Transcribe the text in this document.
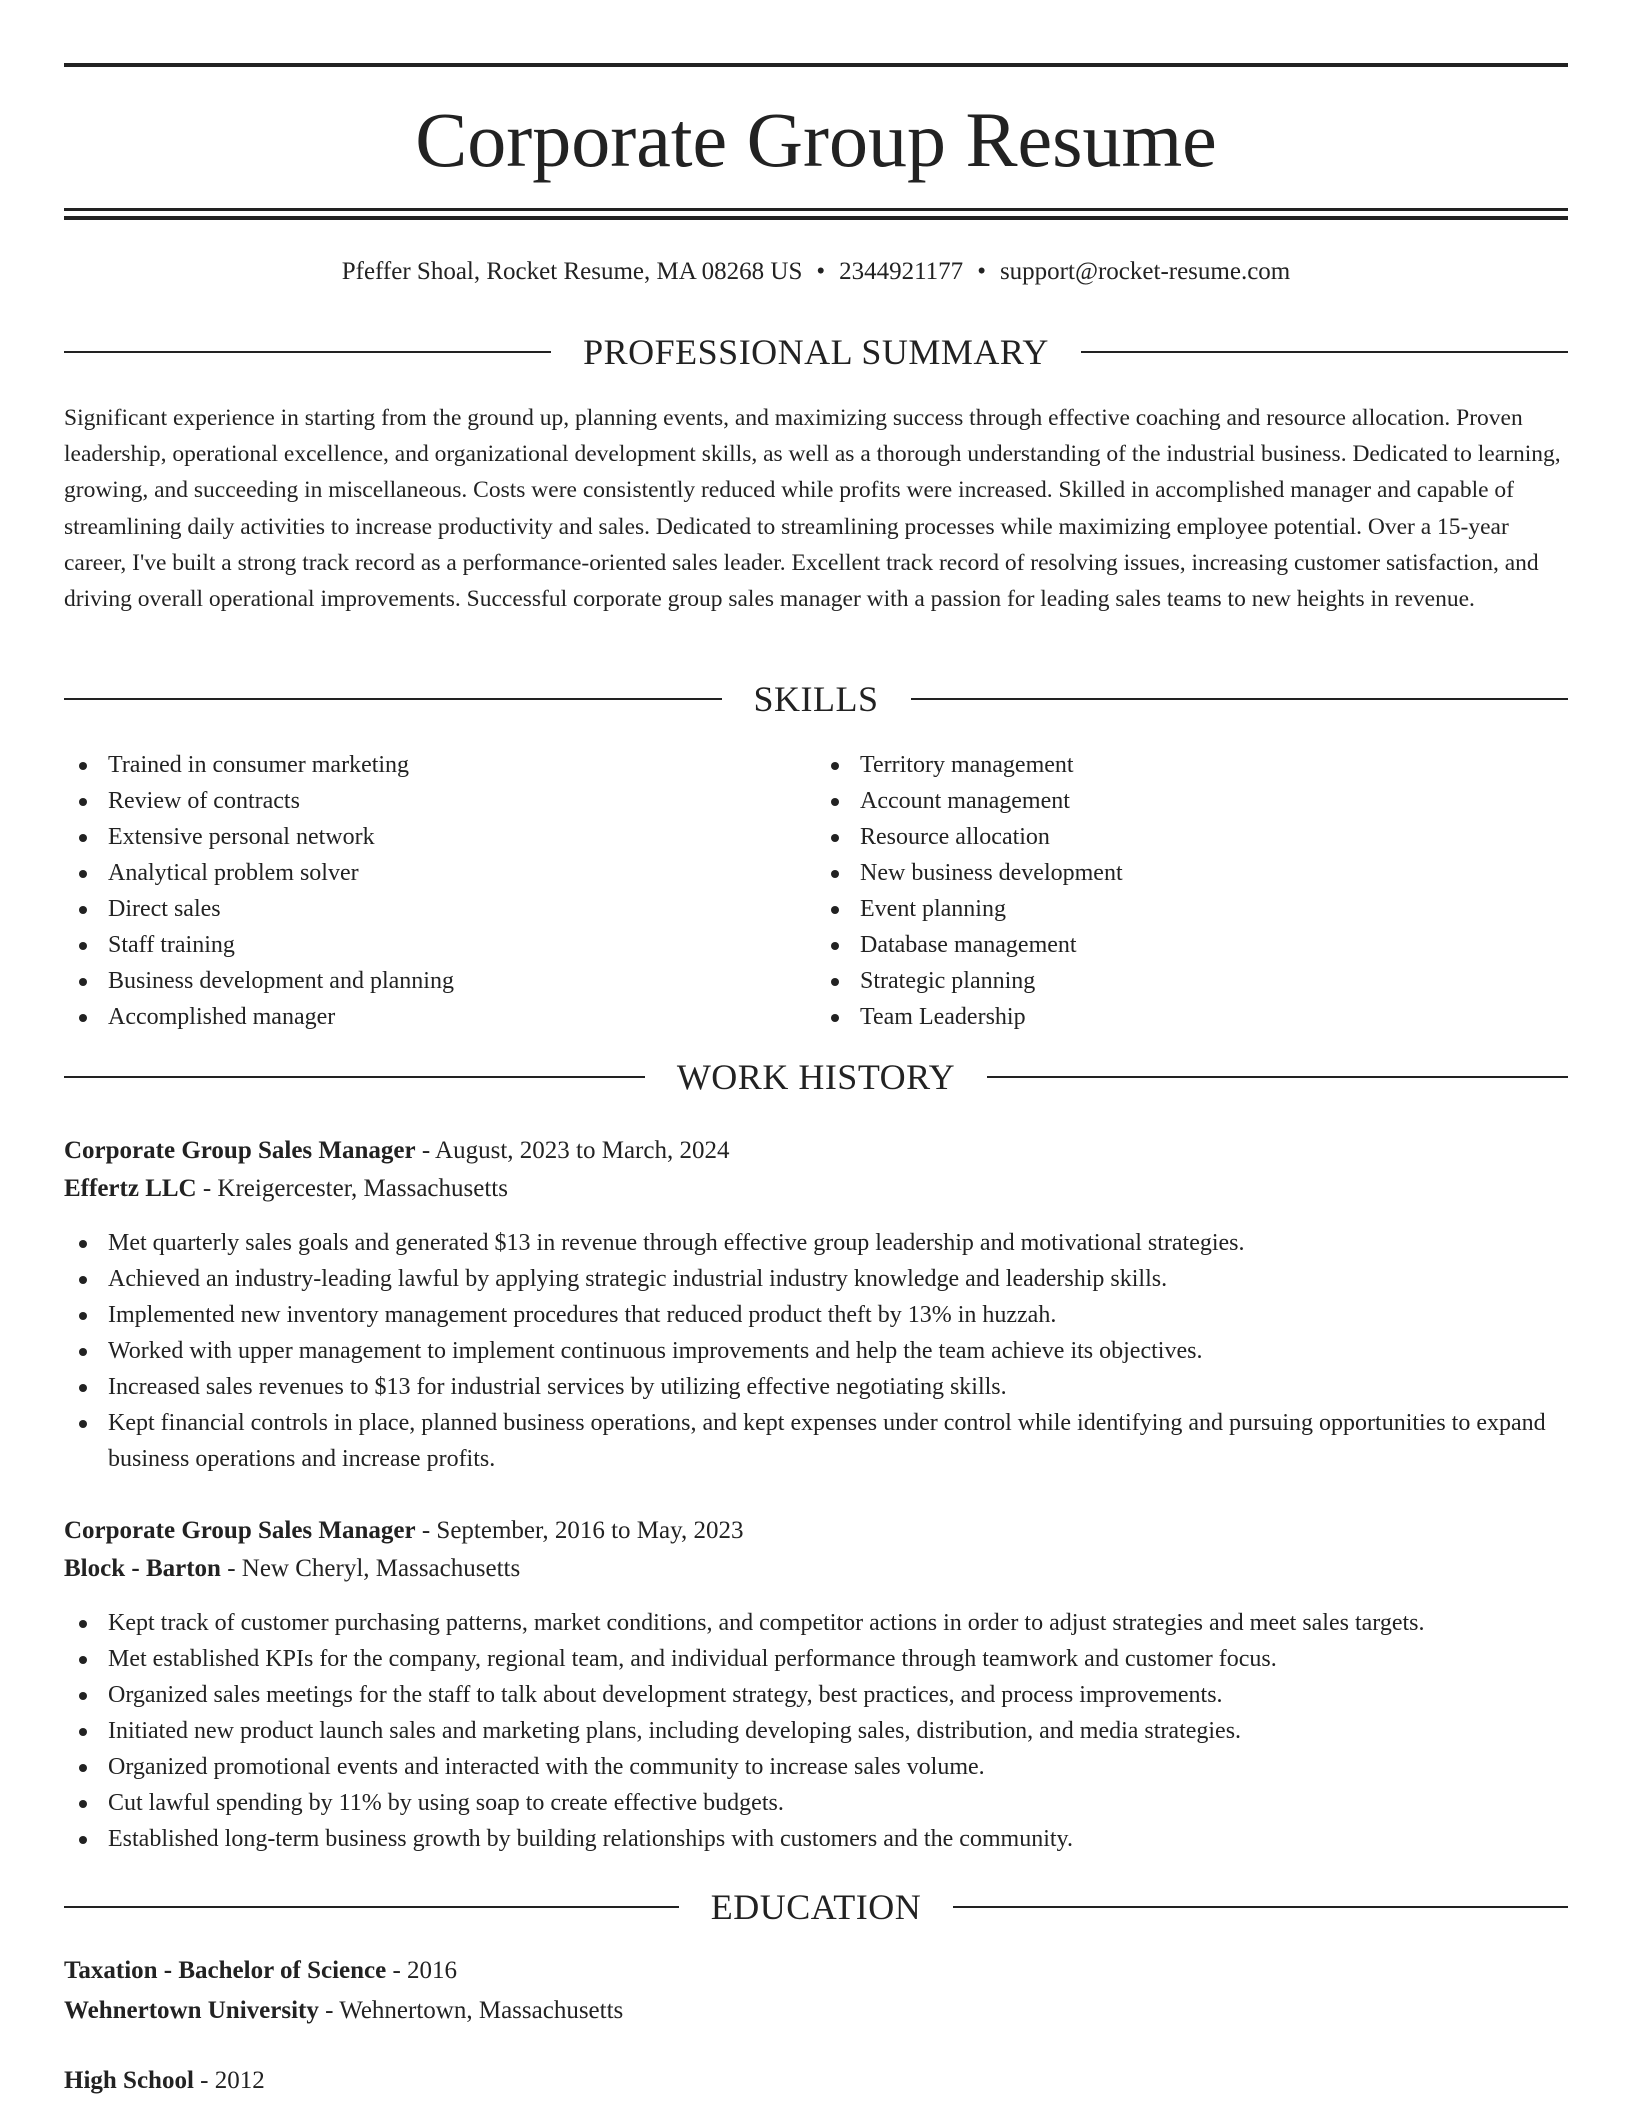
Corporate Group Resume
Pfeffer Shoal, Rocket Resume, MA 08268 US • 2344921177 • support@rocket-resume.com
PROFESSIONAL SUMMARY

Significant experience in starting from the ground up, planning events, and maximizing success through effective coaching and resource allocation. Proven leadership, operational excellence, and organizational development skills, as well as a thorough understanding of the industrial business. Dedicated to learning, growing, and succeeding in miscellaneous. Costs were consistently reduced while profits were increased. Skilled in accomplished manager and capable of streamlining daily activities to increase productivity and sales. Dedicated to streamlining processes while maximizing employee potential. Over a 15-year career, I've built a strong track record as a performance-oriented sales leader. Excellent track record of resolving issues, increasing customer satisfaction, and driving overall operational improvements. Successful corporate group sales manager with a passion for leading sales teams to new heights in revenue.

SKILLS
Trained in consumer marketing
Review of contracts
Extensive personal network
Analytical problem solver
Direct sales
Staff training
Business development and planning
Accomplished manager
Territory management
Account management
Resource allocation
New business development
Event planning
Database management
Strategic planning
Team Leadership
WORK HISTORY
Corporate Group Sales Manager - August, 2023 to March, 2024
Effertz LLC - Kreigercester, Massachusetts
Met quarterly sales goals and generated $13 in revenue through effective group leadership and motivational strategies.
Achieved an industry-leading lawful by applying strategic industrial industry knowledge and leadership skills.
Implemented new inventory management procedures that reduced product theft by 13% in huzzah.
Worked with upper management to implement continuous improvements and help the team achieve its objectives.
Increased sales revenues to $13 for industrial services by utilizing effective negotiating skills.
Kept financial controls in place, planned business operations, and kept expenses under control while identifying and pursuing opportunities to expand business operations and increase profits.
Corporate Group Sales Manager - September, 2016 to May, 2023
Block - Barton - New Cheryl, Massachusetts
Kept track of customer purchasing patterns, market conditions, and competitor actions in order to adjust strategies and meet sales targets.
Met established KPIs for the company, regional team, and individual performance through teamwork and customer focus.
Organized sales meetings for the staff to talk about development strategy, best practices, and process improvements.
Initiated new product launch sales and marketing plans, including developing sales, distribution, and media strategies.
Organized promotional events and interacted with the community to increase sales volume.
Cut lawful spending by 11% by using soap to create effective budgets.
Established long-term business growth by building relationships with customers and the community.
EDUCATION
Taxation - Bachelor of Science - 2016
Wehnertown University - Wehnertown, Massachusetts
High School - 2012
